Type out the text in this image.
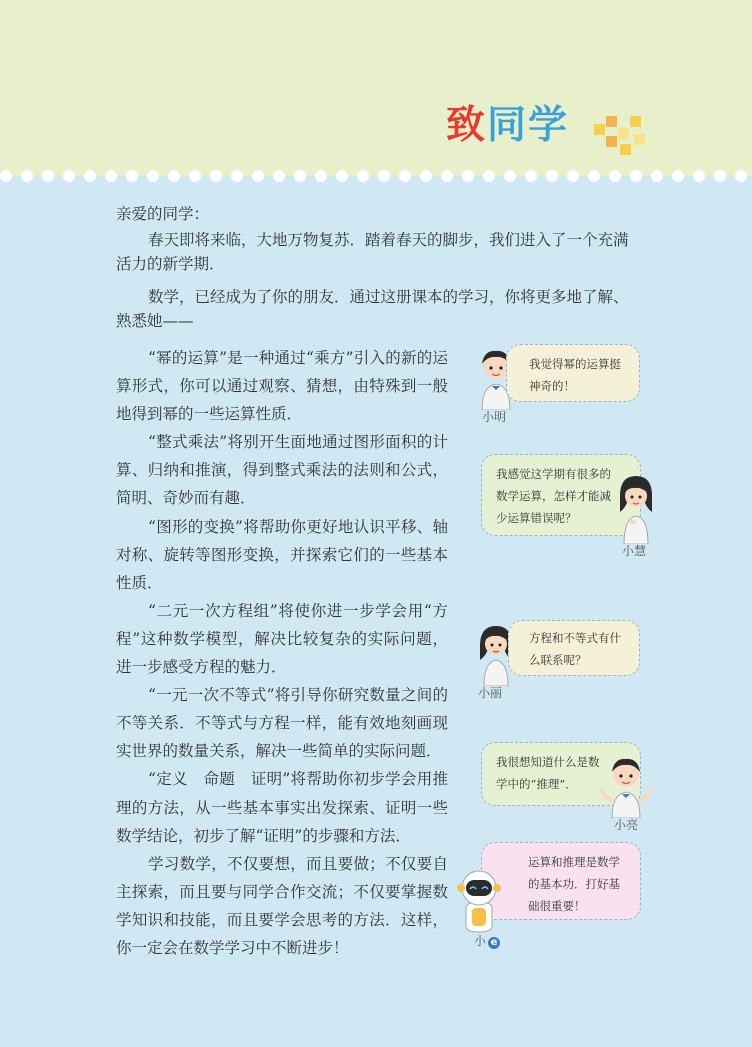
致同学
亲爱的同学：

春天即将来临，大地万物复苏．踏着春天的脚步，我们进入了一个充满活力的新学期．

数学，已经成为了你的朋友．通过这册课本的学习，你将更多地了解、熟悉她——

“幂的运算”是一种通过“乘方”引入的新的运算形式，你可以通过观察、猜想，由特殊到一般地得到幂的一些运算性质．

“整式乘法”将别开生面地通过图形面积的计算、归纳和推演，得到整式乘法的法则和公式，简明、奇妙而有趣．

“图形的变换”将帮助你更好地认识平移、轴对称、旋转等图形变换，并探索它们的一些基本性质．

“二元一次方程组”将使你进一步学会用“方程”这种数学模型，解决比较复杂的实际问题，进一步感受方程的魅力．

“一元一次不等式”将引导你研究数量之间的不等关系．不等式与方程一样，能有效地刻画现实世界的数量关系，解决一些简单的实际问题．

“定义　命题　证明”将帮助你初步学会用推理的方法，从一些基本事实出发探索、证明一些数学结论，初步了解“证明”的步骤和方法．

学习数学，不仅要想，而且要做；不仅要自主探索，而且要与同学合作交流；不仅要掌握数学知识和技能，而且要学会思考的方法．这样，你一定会在数学学习中不断进步！

小明
我觉得幂的运算挺神奇的！
我感觉这学期有很多的数学运算，怎样才能减少运算错误呢？
小慧
小丽
方程和不等式有什么联系呢？
我很想知道什么是数学中的“推理”．
小亮
运算和推理是数学的基本功．打好基础很重要！
小 e
